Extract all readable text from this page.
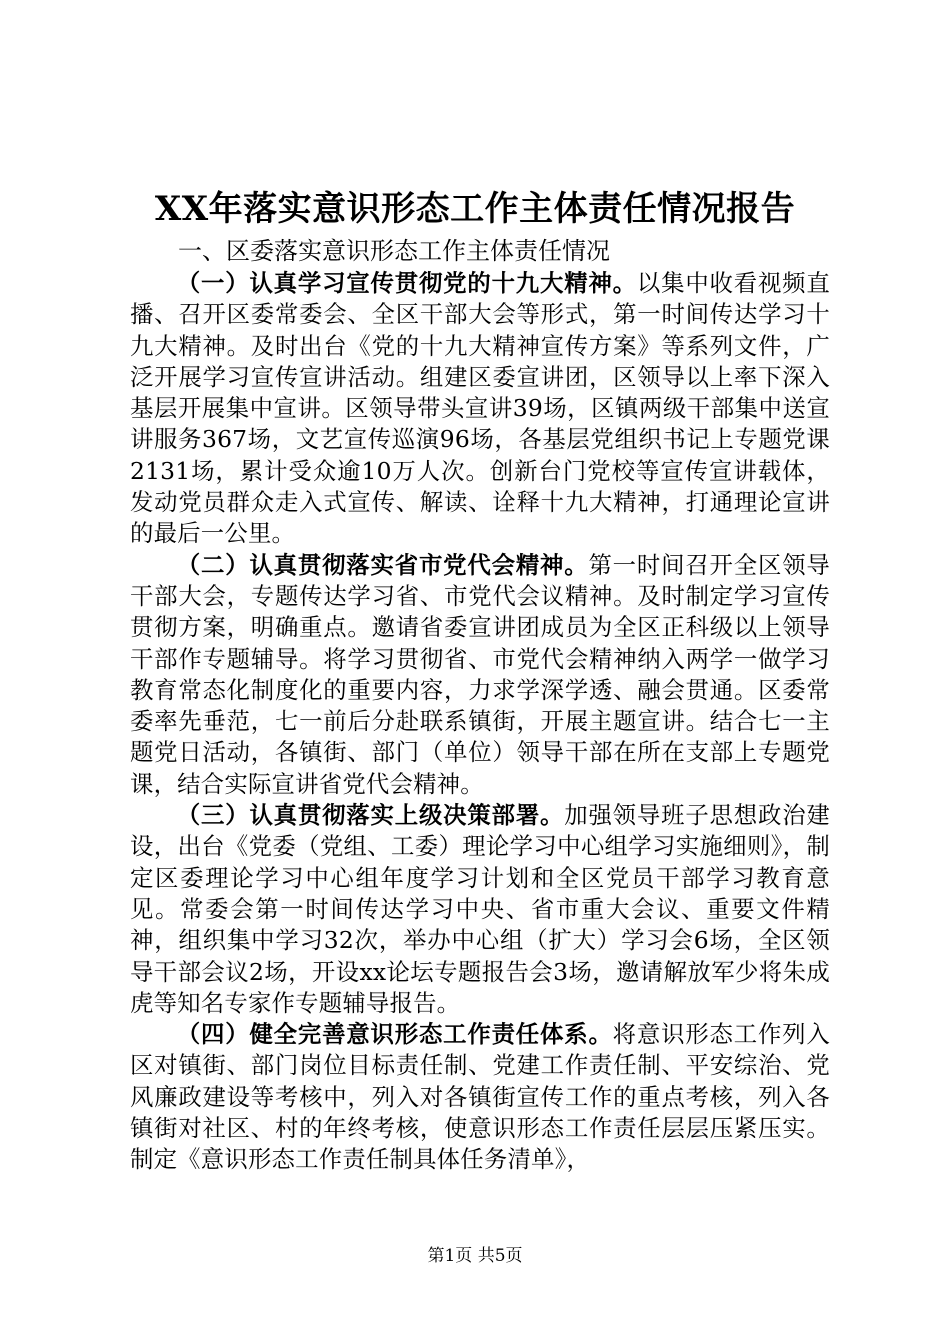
XX年落实意识形态工作主体责任情况报告
一、区委落实意识形态工作主体责任情况

（一）认真学习宣传贯彻党的十九大精神。以集中收看视频直播、召开区委常委会、全区干部大会等形式，第一时间传达学习十九大精神。及时出台《党的十九大精神宣传方案》等系列文件，广泛开展学习宣传宣讲活动。组建区委宣讲团，区领导以上率下深入基层开展集中宣讲。区领导带头宣讲39场，区镇两级干部集中送宣讲服务367场，文艺宣传巡演96场，各基层党组织书记上专题党课2131场，累计受众逾10万人次。创新台门党校等宣传宣讲载体，发动党员群众走入式宣传、解读、诠释十九大精神，打通理论宣讲的最后一公里。

（二）认真贯彻落实省市党代会精神。第一时间召开全区领导干部大会，专题传达学习省、市党代会议精神。及时制定学习宣传贯彻方案，明确重点。邀请省委宣讲团成员为全区正科级以上领导干部作专题辅导。将学习贯彻省、市党代会精神纳入两学一做学习教育常态化制度化的重要内容，力求学深学透、融会贯通。区委常委率先垂范，七一前后分赴联系镇街，开展主题宣讲。结合七一主题党日活动，各镇街、部门（单位）领导干部在所在支部上专题党课，结合实际宣讲省党代会精神。

（三）认真贯彻落实上级决策部署。加强领导班子思想政治建设，出台《党委（党组、工委）理论学习中心组学习实施细则》，制定区委理论学习中心组年度学习计划和全区党员干部学习教育意见。常委会第一时间传达学习中央、省市重大会议、重要文件精神，组织集中学习32次，举办中心组（扩大）学习会6场，全区领导干部会议2场，开设xx论坛专题报告会3场，邀请解放军少将朱成虎等知名专家作专题辅导报告。

（四）健全完善意识形态工作责任体系。将意识形态工作列入区对镇街、部门岗位目标责任制、党建工作责任制、平安综治、党风廉政建设等考核中，列入对各镇街宣传工作的重点考核，列入各镇街对社区、村的年终考核，使意识形态工作责任层层压紧压实。制定《意识形态工作责任制具体任务清单》，

第1页 共5页
